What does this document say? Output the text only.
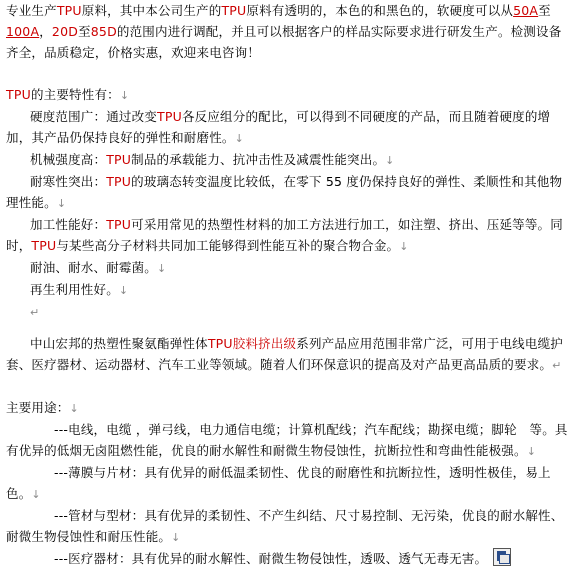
专业生产TPU原料，其中本公司生产的TPU原料有透明的，本色的和黑色的，软硬度可以从50A至100A，20D至85D的范围内进行调配，并且可以根据客户的样品实际要求进行研发生产。检测设备齐全，品质稳定，价格实惠，欢迎来电咨询！

TPU的主要特性有：↓

硬度范围广：通过改变TPU各反应组分的配比，可以得到不同硬度的产品，而且随着硬度的增加，其产品仍保持良好的弹性和耐磨性。↓

机械强度高：TPU制品的承载能力、抗冲击性及减震性能突出。↓

耐寒性突出：TPU的玻璃态转变温度比较低，在零下 55 度仍保持良好的弹性、柔顺性和其他物理性能。↓

加工性能好：TPU可采用常见的热塑性材料的加工方法进行加工，如注塑、挤出、压延等等。同时，TPU与某些高分子材料共同加工能够得到性能互补的聚合物合金。↓

耐油、耐水、耐霉菌。↓

再生利用性好。↓

↵

中山宏邦的热塑性聚氨酯弹性体TPU胶料挤出级系列产品应用范围非常广泛，可用于电线电缆护套、医疗器材、运动器材、汽车工业等领域。随着人们环保意识的提高及对产品更高品质的要求。↵

主要用途：↓

---电线，电缆 ，弹弓线，电力通信电缆；计算机配线；汽车配线；勘探电缆；脚轮　等。具有优异的低烟无卤阻燃性能，优良的耐水解性和耐微生物侵蚀性，抗断拉性和弯曲性能极强。↓

---薄膜与片材：具有优异的耐低温柔韧性、优良的耐磨性和抗断拉性，透明性极佳，易上色。↓

---管材与型材：具有优异的柔韧性、不产生纠结、尺寸易控制、无污染，优良的耐水解性、耐微生物侵蚀性和耐压性能。↓

---医疗器材：具有优异的耐水解性、耐微生物侵蚀性，透吸、透气无毒无害。
